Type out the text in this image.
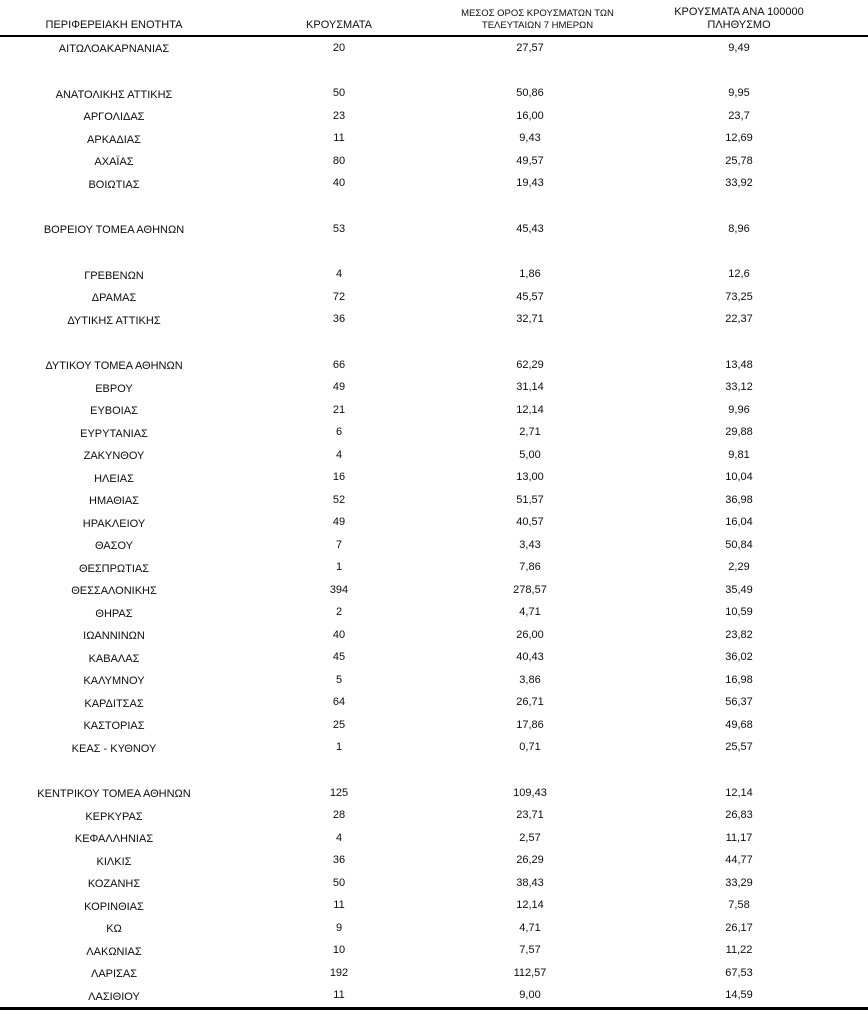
ΠΕΡΙΦΕΡΕΙΑΚΗ ΕΝΟΤΗΤΑ	ΚΡΟΥΣΜΑΤΑ	ΜΕΣΟΣ ΟΡΟΣ ΚΡΟΥΣΜΑΤΩΝ ΤΩΝ ΤΕΛΕΥΤΑΙΩΝ 7 ΗΜΕΡΩΝ	ΚΡΟΥΣΜΑΤΑ ΑΝΑ 100000 ΠΛΗΘΥΣΜΟ
ΑΙΤΩΛΟΑΚΑΡΝΑΝΙΑΣ	20	27,57	9,49

ΑΝΑΤΟΛΙΚΗΣ ΑΤΤΙΚΗΣ	50	50,86	9,95
ΑΡΓΟΛΙΔΑΣ	23	16,00	23,7
ΑΡΚΑΔΙΑΣ	11	9,43	12,69
ΑΧΑΪΑΣ	80	49,57	25,78
ΒΟΙΩΤΙΑΣ	40	19,43	33,92

ΒΟΡΕΙΟΥ ΤΟΜΕΑ ΑΘΗΝΩΝ	53	45,43	8,96

ΓΡΕΒΕΝΩΝ	4	1,86	12,6
ΔΡΑΜΑΣ	72	45,57	73,25
ΔΥΤΙΚΗΣ ΑΤΤΙΚΗΣ	36	32,71	22,37

ΔΥΤΙΚΟΥ ΤΟΜΕΑ ΑΘΗΝΩΝ	66	62,29	13,48
ΕΒΡΟΥ	49	31,14	33,12
ΕΥΒΟΙΑΣ	21	12,14	9,96
ΕΥΡΥΤΑΝΙΑΣ	6	2,71	29,88
ΖΑΚΥΝΘΟΥ	4	5,00	9,81
ΗΛΕΙΑΣ	16	13,00	10,04
ΗΜΑΘΙΑΣ	52	51,57	36,98
ΗΡΑΚΛΕΙΟΥ	49	40,57	16,04
ΘΑΣΟΥ	7	3,43	50,84
ΘΕΣΠΡΩΤΙΑΣ	1	7,86	2,29
ΘΕΣΣΑΛΟΝΙΚΗΣ	394	278,57	35,49
ΘΗΡΑΣ	2	4,71	10,59
ΙΩΑΝΝΙΝΩΝ	40	26,00	23,82
ΚΑΒΑΛΑΣ	45	40,43	36,02
ΚΑΛΥΜΝΟΥ	5	3,86	16,98
ΚΑΡΔΙΤΣΑΣ	64	26,71	56,37
ΚΑΣΤΟΡΙΑΣ	25	17,86	49,68
ΚΕΑΣ - ΚΥΘΝΟΥ	1	0,71	25,57

ΚΕΝΤΡΙΚΟΥ ΤΟΜΕΑ ΑΘΗΝΩΝ	125	109,43	12,14
ΚΕΡΚΥΡΑΣ	28	23,71	26,83
ΚΕΦΑΛΛΗΝΙΑΣ	4	2,57	11,17
ΚΙΛΚΙΣ	36	26,29	44,77
ΚΟΖΑΝΗΣ	50	38,43	33,29
ΚΟΡΙΝΘΙΑΣ	11	12,14	7,58
ΚΩ	9	4,71	26,17
ΛΑΚΩΝΙΑΣ	10	7,57	11,22
ΛΑΡΙΣΑΣ	192	112,57	67,53
ΛΑΣΙΘΙΟΥ	11	9,00	14,59
